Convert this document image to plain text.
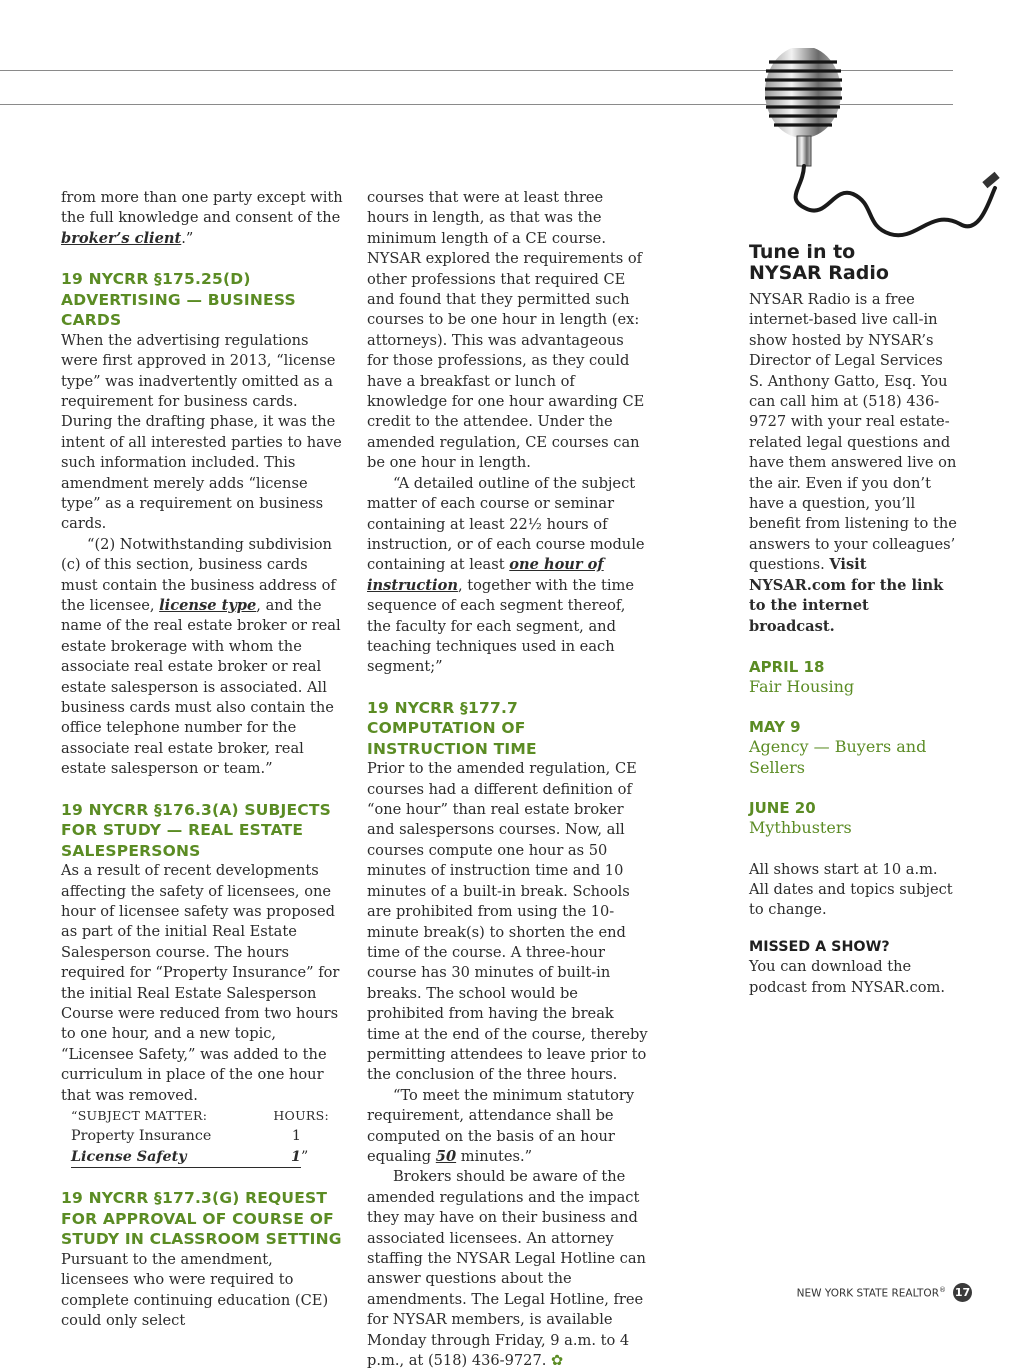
from more than one party except with the full knowledge and consent of the broker’s client.”

19 NYCRR §175.25(D) ADVERTISING — BUSINESS CARDS

When the advertising regulations were first approved in 2013, “license type” was inadvertently omitted as a requirement for business cards. During the drafting phase, it was the intent of all interested parties to have such information included. This amendment merely adds “license type” as a requirement on business cards.

“(2) Notwithstanding subdivision (c) of this section, business cards must contain the business address of the licensee, license type, and the name of the real estate broker or real estate brokerage with whom the associate real estate broker or real estate salesperson is associated. All business cards must also contain the office telephone number for the associate real estate broker, real estate salesperson or team.”

19 NYCRR §176.3(A) SUBJECTS FOR STUDY — REAL ESTATE SALESPERSONS

As a result of recent developments affecting the safety of licensees, one hour of licensee safety was proposed as part of the initial Real Estate Salesperson course. The hours required for “Property Insurance” for the initial Real Estate Salesperson Course were reduced from two hours to one hour, and a new topic, “Licensee Safety,” was added to the curriculum in place of the one hour that was removed.

“SUBJECT MATTER:	HOURS:
Property Insurance	1
License Safety	1 ”
19 NYCRR §177.3(G) REQUEST FOR APPROVAL OF COURSE OF STUDY IN CLASSROOM SETTING

Pursuant to the amendment, licensees who were required to complete continuing education (CE) could only select

courses that were at least three hours in length, as that was the minimum length of a CE course. NYSAR explored the requirements of other professions that required CE and found that they permitted such courses to be one hour in length (ex: attorneys). This was advantageous for those professions, as they could have a breakfast or lunch of knowledge for one hour awarding CE credit to the attendee. Under the amended regulation, CE courses can be one hour in length.

“A detailed outline of the subject matter of each course or seminar containing at least 22½ hours of instruction, or of each course module containing at least one hour of instruction, together with the time sequence of each segment thereof, the faculty for each segment, and teaching techniques used in each segment;”

19 NYCRR §177.7 COMPUTATION OF INSTRUCTION TIME

Prior to the amended regulation, CE courses had a different definition of “one hour” than real estate broker and salespersons courses. Now, all courses compute one hour as 50 minutes of instruction time and 10 minutes of a built-in break. Schools are prohibited from using the 10-minute break(s) to shorten the end time of the course. A three-hour course has 30 minutes of built-in breaks. The school would be prohibited from having the break time at the end of the course, thereby permitting attendees to leave prior to the conclusion of the three hours.

“To meet the minimum statutory requirement, attendance shall be computed on the basis of an hour equaling 50 minutes.”

Brokers should be aware of the amended regulations and the impact they may have on their business and associated licensees. An attorney staffing the NYSAR Legal Hotline can answer questions about the amendments. The Legal Hotline, free for NYSAR members, is available Monday through Friday, 9 a.m. to 4 p.m., at (518) 436-9727. ✿

Tune in to
NYSAR Radio

NYSAR Radio is a free internet-based live call-in show hosted by NYSAR’s Director of Legal Services S. Anthony Gatto, Esq. You can call him at (518) 436-9727 with your real estate-related legal questions and have them answered live on the air. Even if you don’t have a question, you’ll benefit from listening to the answers to your colleagues’ questions. Visit NYSAR.com for the link to the internet broadcast.

APRIL 18
Fair Housing
MAY 9
Agency — Buyers and Sellers
JUNE 20
Mythbusters

All shows start at 10 a.m. All dates and topics subject to change.

MISSED A SHOW?

You can download the podcast from NYSAR.com.

NEW YORK STATE REALTOR® 17
